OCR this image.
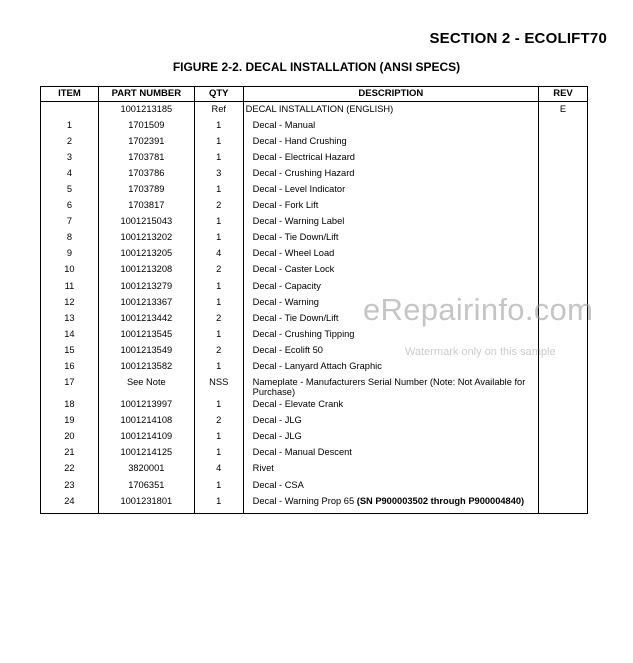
SECTION 2 - ECOLIFT70
FIGURE 2-2. DECAL INSTALLATION (ANSI SPECS)
ITEM	PART NUMBER	QTY	DESCRIPTION	REV
	1001213185	Ref	DECAL INSTALLATION (ENGLISH)	E
1	1701509	1	Decal - Manual	
2	1702391	1	Decal - Hand Crushing	
3	1703781	1	Decal - Electrical Hazard	
4	1703786	3	Decal - Crushing Hazard	
5	1703789	1	Decal - Level Indicator	
6	1703817	2	Decal - Fork Lift	
7	1001215043	1	Decal - Warning Label	
8	1001213202	1	Decal - Tie Down/Lift	
9	1001213205	4	Decal - Wheel Load	
10	1001213208	2	Decal - Caster Lock	
11	1001213279	1	Decal - Capacity	
12	1001213367	1	Decal - Warning	
13	1001213442	2	Decal - Tie Down/Lift	
14	1001213545	1	Decal - Crushing Tipping	
15	1001213549	2	Decal - Ecolift 50	
16	1001213582	1	Decal - Lanyard Attach Graphic	
17	See Note	NSS	Nameplate - Manufacturers Serial Number (Note: Not Available for Purchase)	
18	1001213997	1	Decal - Elevate Crank	
19	1001214108	2	Decal - JLG	
20	1001214109	1	Decal - JLG	
21	1001214125	1	Decal - Manual Descent	
22	3820001	4	Rivet	
23	1706351	1	Decal - CSA	
24	1001231801	1	Decal - Warning Prop 65 (SN P900003502 through P900004840)	
eRepairinfo.com
Watermark only on this sample
